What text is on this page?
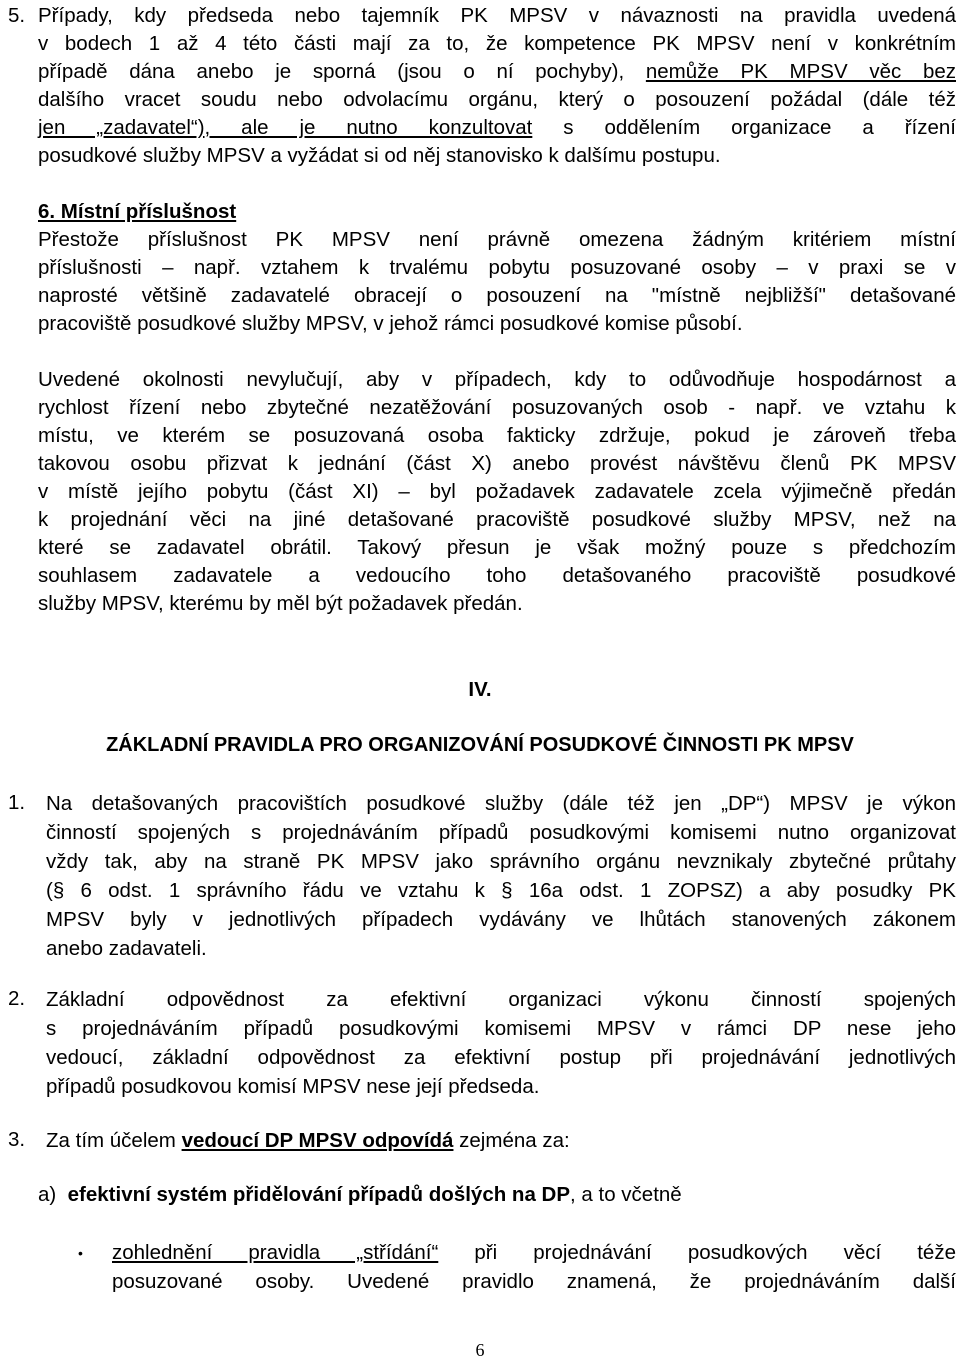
5. Případy, kdy předseda nebo tajemník PK MPSV v návaznosti na pravidla uvedená
v bodech 1 až 4 této části mají za to, že kompetence PK MPSV není v konkrétním
případě dána anebo je sporná (jsou o ní pochyby), nemůže PK MPSV věc bez
dalšího vracet soudu nebo odvolacímu orgánu, který o posouzení požádal (dále též
jen „zadavatel“), ale je nutno konzultovat s oddělením organizace a řízení
posudkové služby MPSV a vyžádat si od něj stanovisko k dalšímu postupu.
6. Místní příslušnost
Přestože příslušnost PK MPSV není právně omezena žádným kritériem místní
příslušnosti – např. vztahem k trvalému pobytu posuzované osoby – v praxi se v
naprosté většině zadavatelé obracejí o posouzení na "místně nejbližší" detašované
pracoviště posudkové služby MPSV, v jehož rámci posudkové komise působí.
Uvedené okolnosti nevylučují, aby v případech, kdy to odůvodňuje hospodárnost a
rychlost řízení nebo zbytečné nezatěžování posuzovaných osob - např. ve vztahu k
místu, ve kterém se posuzovaná osoba fakticky zdržuje, pokud je zároveň třeba
takovou osobu přizvat k jednání (část X) anebo provést návštěvu členů PK MPSV
v místě jejího pobytu (část XI) – byl požadavek zadavatele zcela výjimečně předán
k projednání věci na jiné detašované pracoviště posudkové služby MPSV, než na
které se zadavatel obrátil. Takový přesun je však možný pouze s předchozím
souhlasem zadavatele a vedoucího toho detašovaného pracoviště posudkové
služby MPSV, kterému by měl být požadavek předán.
IV.
ZÁKLADNÍ PRAVIDLA PRO ORGANIZOVÁNÍ POSUDKOVÉ ČINNOSTI PK MPSV
1. Na detašovaných pracovištích posudkové služby (dále též jen „DP“) MPSV je výkon
činností spojených s projednáváním případů posudkovými komisemi nutno organizovat
vždy tak, aby na straně PK MPSV jako správního orgánu nevznikaly zbytečné průtahy
(§ 6 odst. 1 správního řádu ve vztahu k § 16a odst. 1 ZOPSZ) a aby posudky PK
MPSV byly v jednotlivých případech vydávány ve lhůtách stanovených zákonem
anebo zadavateli.
2. Základní odpovědnost za efektivní organizaci výkonu činností spojených
s projednáváním případů posudkovými komisemi MPSV v rámci DP nese jeho
vedoucí, základní odpovědnost za efektivní postup při projednávání jednotlivých
případů posudkovou komisí MPSV nese její předseda.
3. Za tím účelem vedoucí DP MPSV odpovídá zejména za:
a) efektivní systém přidělování případů došlých na DP, a to včetně
• zohlednění pravidla „střídání“ při projednávání posudkových věcí téže
posuzované osoby. Uvedené pravidlo znamená, že projednáváním další
6
